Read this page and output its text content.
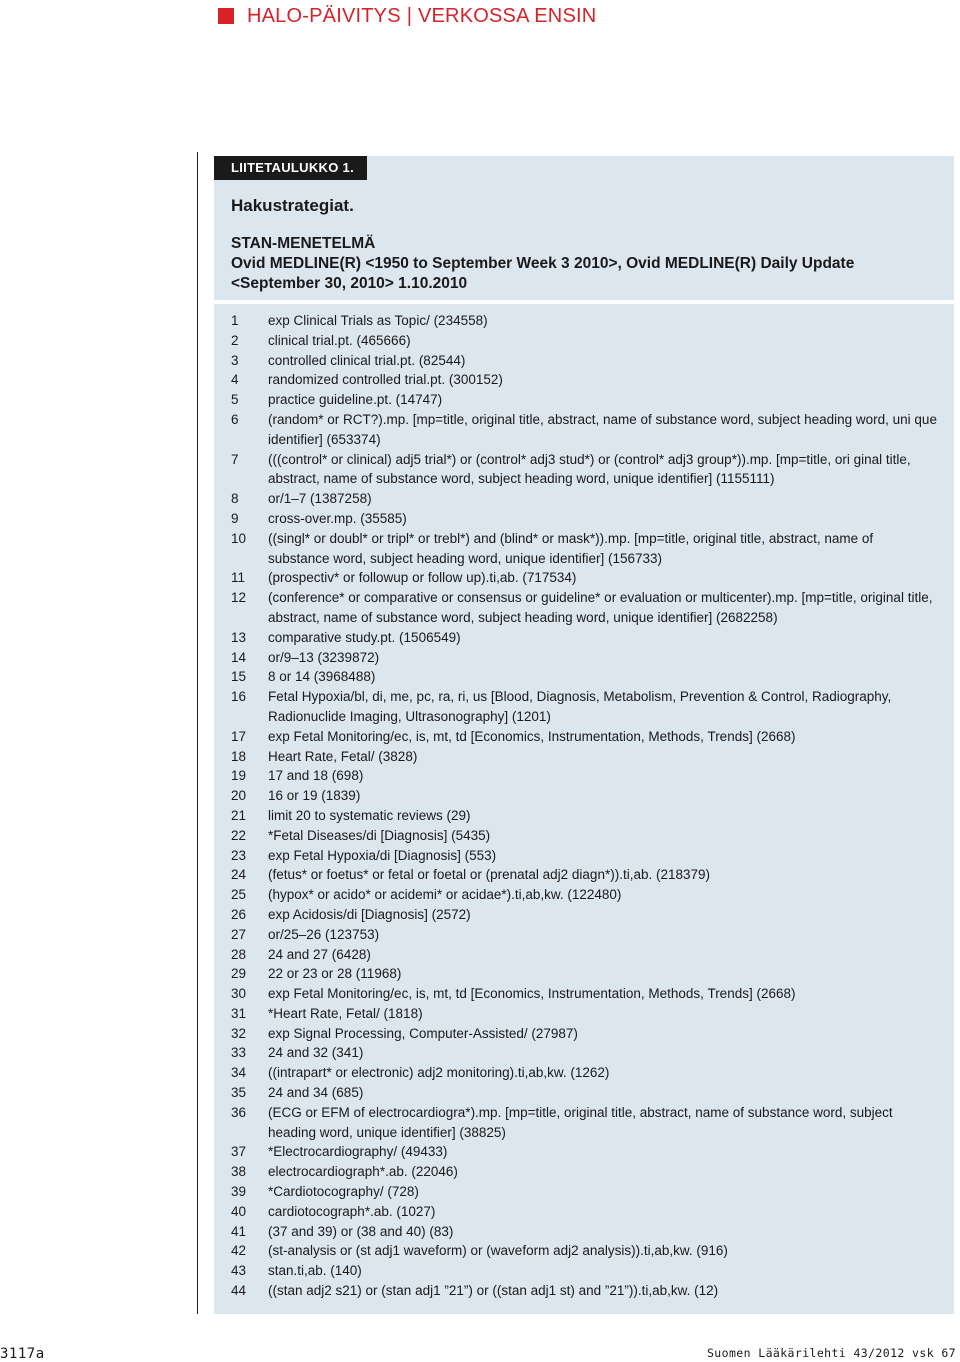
HALO-PÄIVITYS | VERKOSSA ENSIN
LIITETAULUKKO 1.
Hakustrategiat.
STAN-MENETELMÄ
Ovid MEDLINE(R) <1950 to September Week 3 2010>, Ovid MEDLINE(R) Daily Update
<September 30, 2010> 1.10.2010
1	exp Clinical Trials as Topic/ (234558)
2	clinical trial.pt. (465666)
3	controlled clinical trial.pt. (82544)
4	randomized controlled trial.pt. (300152)
5	practice guideline.pt. (14747)
6	(random* or RCT?).mp. [mp=title, original title, abstract, name of substance word, subject heading word, uni que identifier] (653374)
7	(((control* or clinical) adj5 trial*) or (control* adj3 stud*) or (control* adj3 group*)).mp. [mp=title, ori ginal title, abstract, name of substance word, subject heading word, unique identifier] (1155111)
8	or/1–7 (1387258)
9	cross-over.mp. (35585)
10	((singl* or doubl* or tripl* or trebl*) and (blind* or mask*)).mp. [mp=title, original title, abstract, name of substance word, subject heading word, unique identifier] (156733)
11	(prospectiv* or followup or follow up).ti,ab. (717534)
12	(conference* or comparative or consensus or guideline* or evaluation or multicenter).mp. [mp=title, original title, abstract, name of substance word, subject heading word, unique identifier] (2682258)
13	comparative study.pt. (1506549)
14	or/9–13 (3239872)
15	8 or 14 (3968488)
16	Fetal Hypoxia/bl, di, me, pc, ra, ri, us [Blood, Diagnosis, Metabolism, Prevention & Control, Radiography, Radionuclide Imaging, Ultrasonography] (1201)
17	exp Fetal Monitoring/ec, is, mt, td [Economics, Instrumentation, Methods, Trends] (2668)
18	Heart Rate, Fetal/ (3828)
19	17 and 18 (698)
20	16 or 19 (1839)
21	limit 20 to systematic reviews (29)
22	*Fetal Diseases/di [Diagnosis] (5435)
23	exp Fetal Hypoxia/di [Diagnosis] (553)
24	(fetus* or foetus* or fetal or foetal or (prenatal adj2 diagn*)).ti,ab. (218379)
25	(hypox* or acido* or acidemi* or acidae*).ti,ab,kw. (122480)
26	exp Acidosis/di [Diagnosis] (2572)
27	or/25–26 (123753)
28	24 and 27 (6428)
29	22 or 23 or 28 (11968)
30	exp Fetal Monitoring/ec, is, mt, td [Economics, Instrumentation, Methods, Trends] (2668)
31	*Heart Rate, Fetal/ (1818)
32	exp Signal Processing, Computer-Assisted/ (27987)
33	24 and 32 (341)
34	((intrapart* or electronic) adj2 monitoring).ti,ab,kw. (1262)
35	24 and 34 (685)
36	(ECG or EFM of electrocardiogra*).mp. [mp=title, original title, abstract, name of substance word, subject heading word, unique identifier] (38825)
37	*Electrocardiography/ (49433)
38	electrocardiograph*.ab. (22046)
39	*Cardiotocography/ (728)
40	cardiotocograph*.ab. (1027)
41	(37 and 39) or (38 and 40) (83)
42	(st-analysis or (st adj1 waveform) or (waveform adj2 analysis)).ti,ab,kw. (916)
43	stan.ti,ab. (140)
44	((stan adj2 s21) or (stan adj1 ”21”) or ((stan adj1 st) and ”21”)).ti,ab,kw. (12)
3117a	Suomen Lääkärilehti 43/2012 vsk 67
